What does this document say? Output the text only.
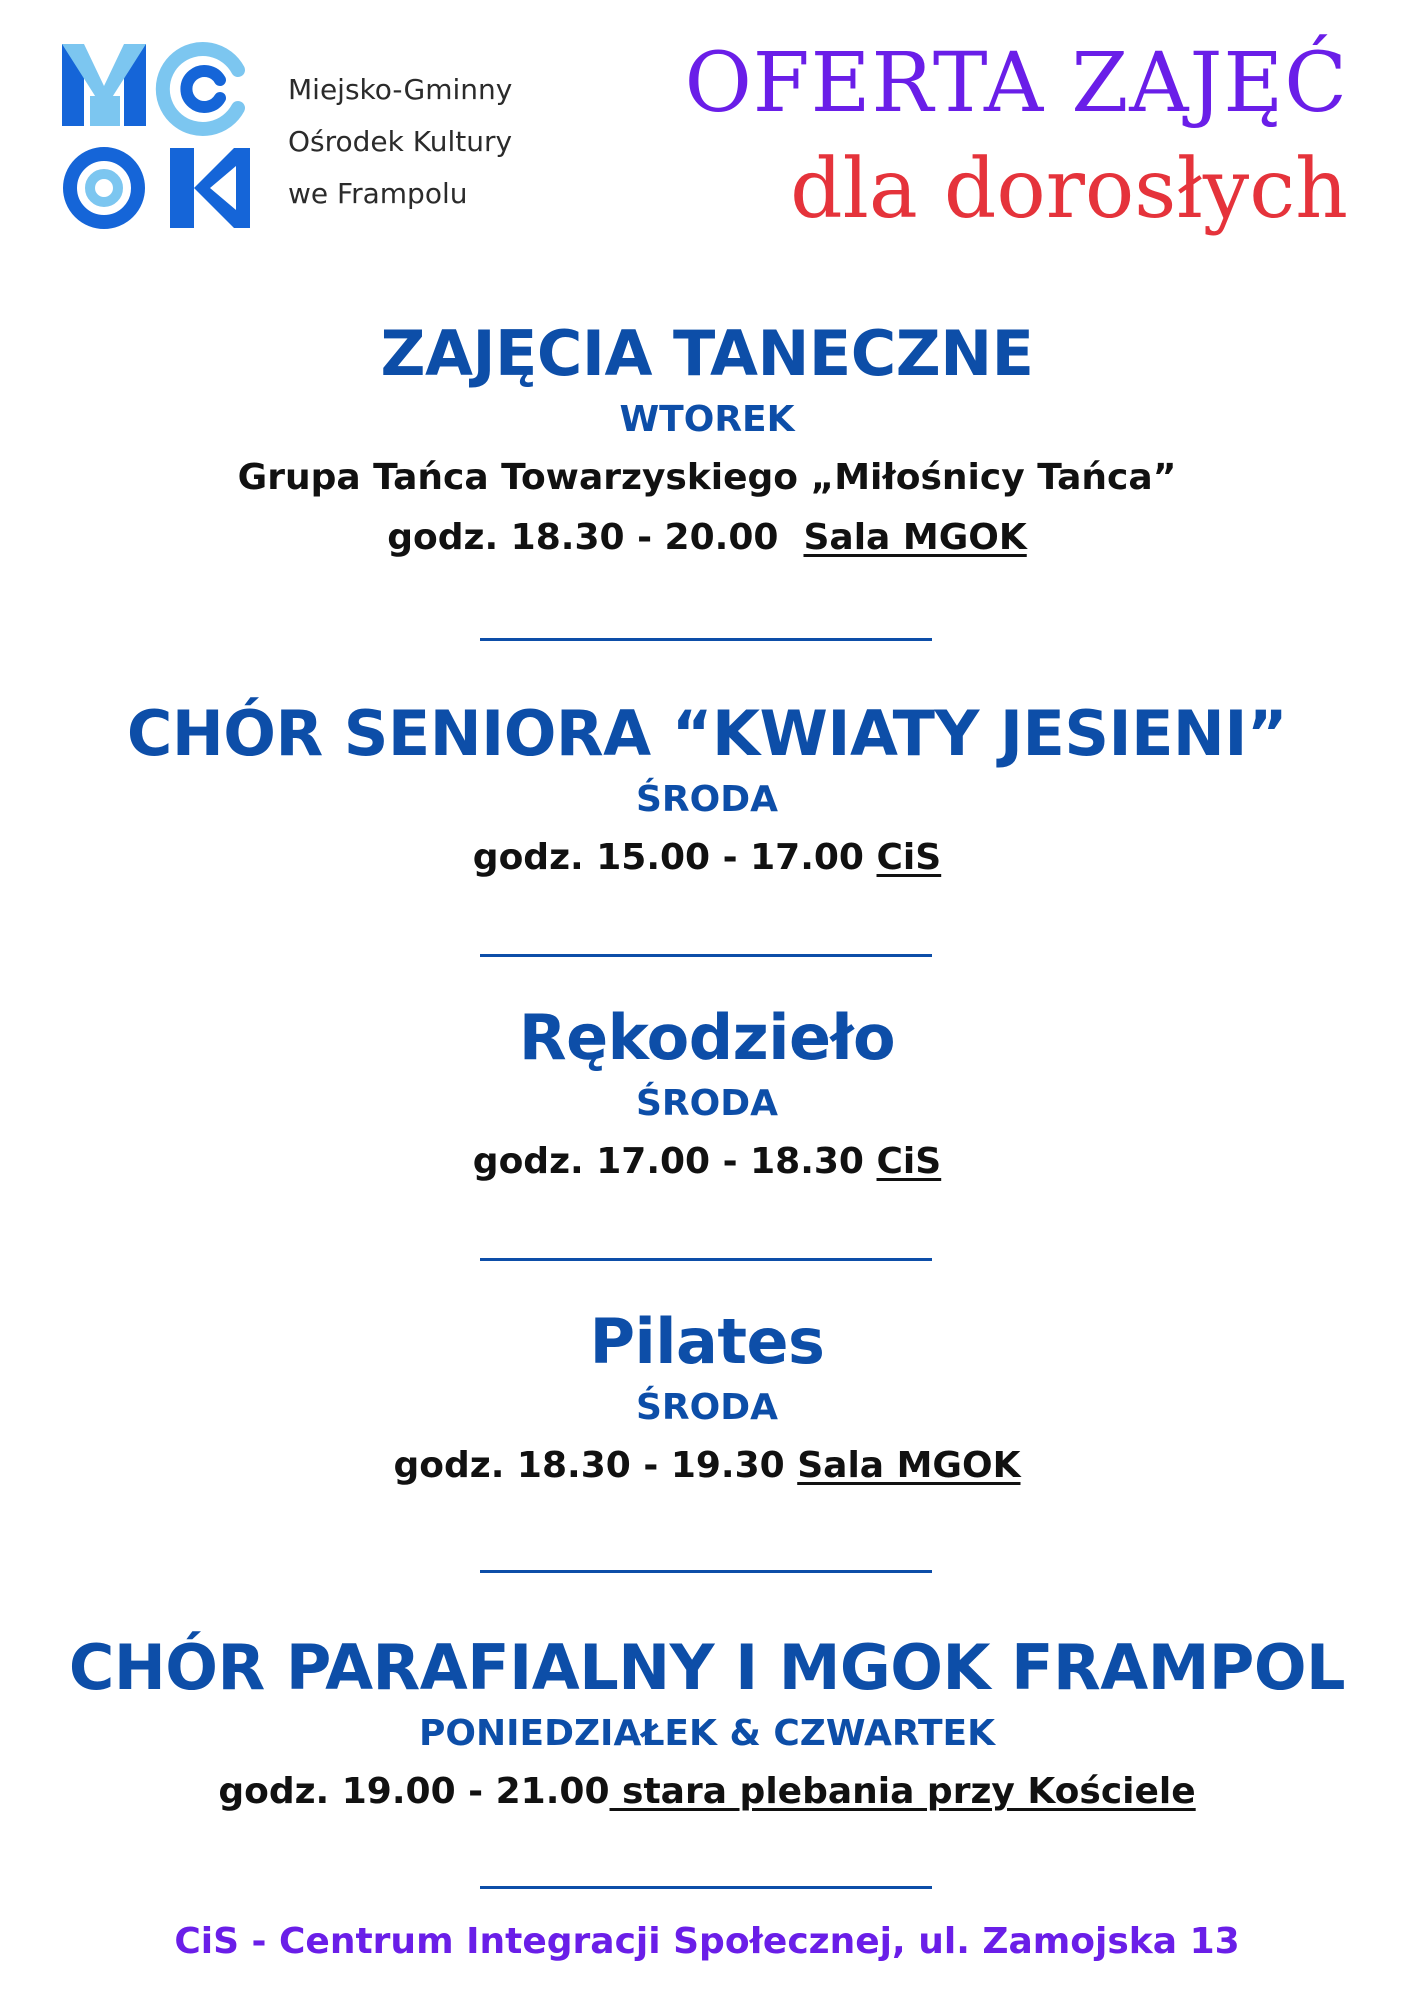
Miejsko-Gminny
Ośrodek Kultury
we Frampolu
OFERTA ZAJĘĆ
dla dorosłych
ZAJĘCIA TANECZNE
WTOREK
Grupa Tańca Towarzyskiego „Miłośnicy Tańca”
godz. 18.30 - 20.00  Sala MGOK
CHÓR SENIORA “KWIATY JESIENI”
ŚRODA
godz. 15.00 - 17.00 CiS
Rękodzieło
ŚRODA
godz. 17.00 - 18.30 CiS
Pilates
ŚRODA
godz. 18.30 - 19.30 Sala MGOK
CHÓR PARAFIALNY I MGOK FRAMPOL
PONIEDZIAŁEK & CZWARTEK
godz. 19.00 - 21.00 stara plebania przy Kościele
CiS - Centrum Integracji Społecznej, ul. Zamojska 13
